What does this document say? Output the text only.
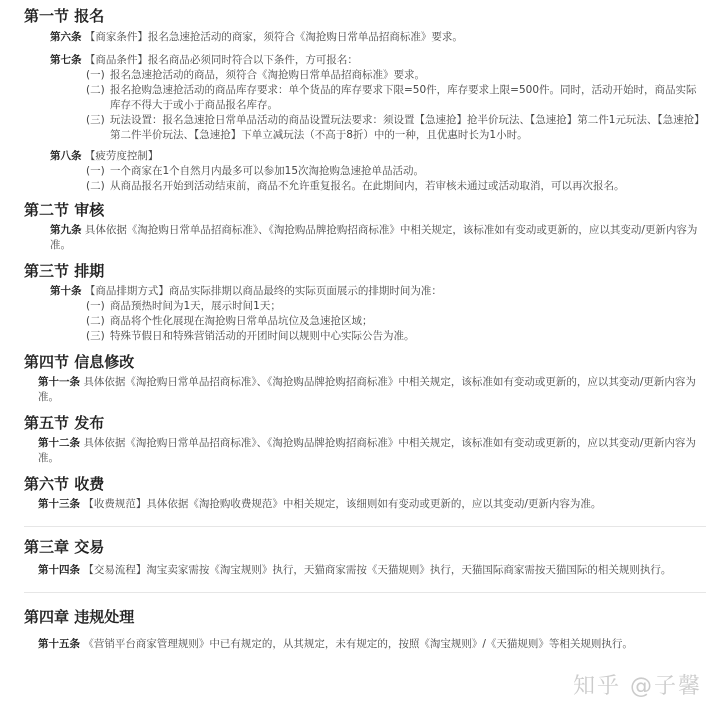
第一节 报名
第六条 【商家条件】报名急速抢活动的商家，须符合《淘抢购日常单品招商标准》要求。
第七条 【商品条件】报名商品必须同时符合以下条件，方可报名：
(一) 报名急速抢活动的商品，须符合《淘抢购日常单品招商标准》要求。
(二) 报名抢购急速抢活动的商品库存要求：单个货品的库存要求下限=50件，库存要求上限=500件。同时，活动开始时，商品实际库存不得大于或小于商品报名库存。
(三) 玩法设置：报名急速抢日常单品活动的商品设置玩法要求：须设置【急速抢】抢半价玩法、【急速抢】第二件1元玩法、【急速抢】第二件半价玩法、【急速抢】下单立减玩法（不高于8折）中的一种，且优惠时长为1小时。
第八条 【疲劳度控制】
(一) 一个商家在1个自然月内最多可以参加15次淘抢购急速抢单品活动。
(二) 从商品报名开始到活动结束前，商品不允许重复报名。在此期间内，若审核未通过或活动取消，可以再次报名。
第二节 审核
第九条 具体依据《淘抢购日常单品招商标准》、《淘抢购品牌抢购招商标准》中相关规定，该标准如有变动或更新的，应以其变动/更新内容为准。
第三节 排期
第十条 【商品排期方式】商品实际排期以商品最终的实际页面展示的排期时间为准：
(一) 商品预热时间为1天，展示时间1天；
(二) 商品将个性化展现在淘抢购日常单品坑位及急速抢区域；
(三) 特殊节假日和特殊营销活动的开团时间以规则中心实际公告为准。
第四节 信息修改
第十一条 具体依据《淘抢购日常单品招商标准》、《淘抢购品牌抢购招商标准》中相关规定，该标准如有变动或更新的，应以其变动/更新内容为准。
第五节 发布
第十二条 具体依据《淘抢购日常单品招商标准》、《淘抢购品牌抢购招商标准》中相关规定，该标准如有变动或更新的，应以其变动/更新内容为准。
第六节 收费
第十三条 【收费规范】具体依据《淘抢购收费规范》中相关规定，该细则如有变动或更新的，应以其变动/更新内容为准。
第三章 交易
第十四条 【交易流程】淘宝卖家需按《淘宝规则》执行，天猫商家需按《天猫规则》执行，天猫国际商家需按天猫国际的相关规则执行。
第四章 违规处理
第十五条 《营销平台商家管理规则》中已有规定的，从其规定，未有规定的，按照《淘宝规则》/《天猫规则》等相关规则执行。
知乎 @子馨
